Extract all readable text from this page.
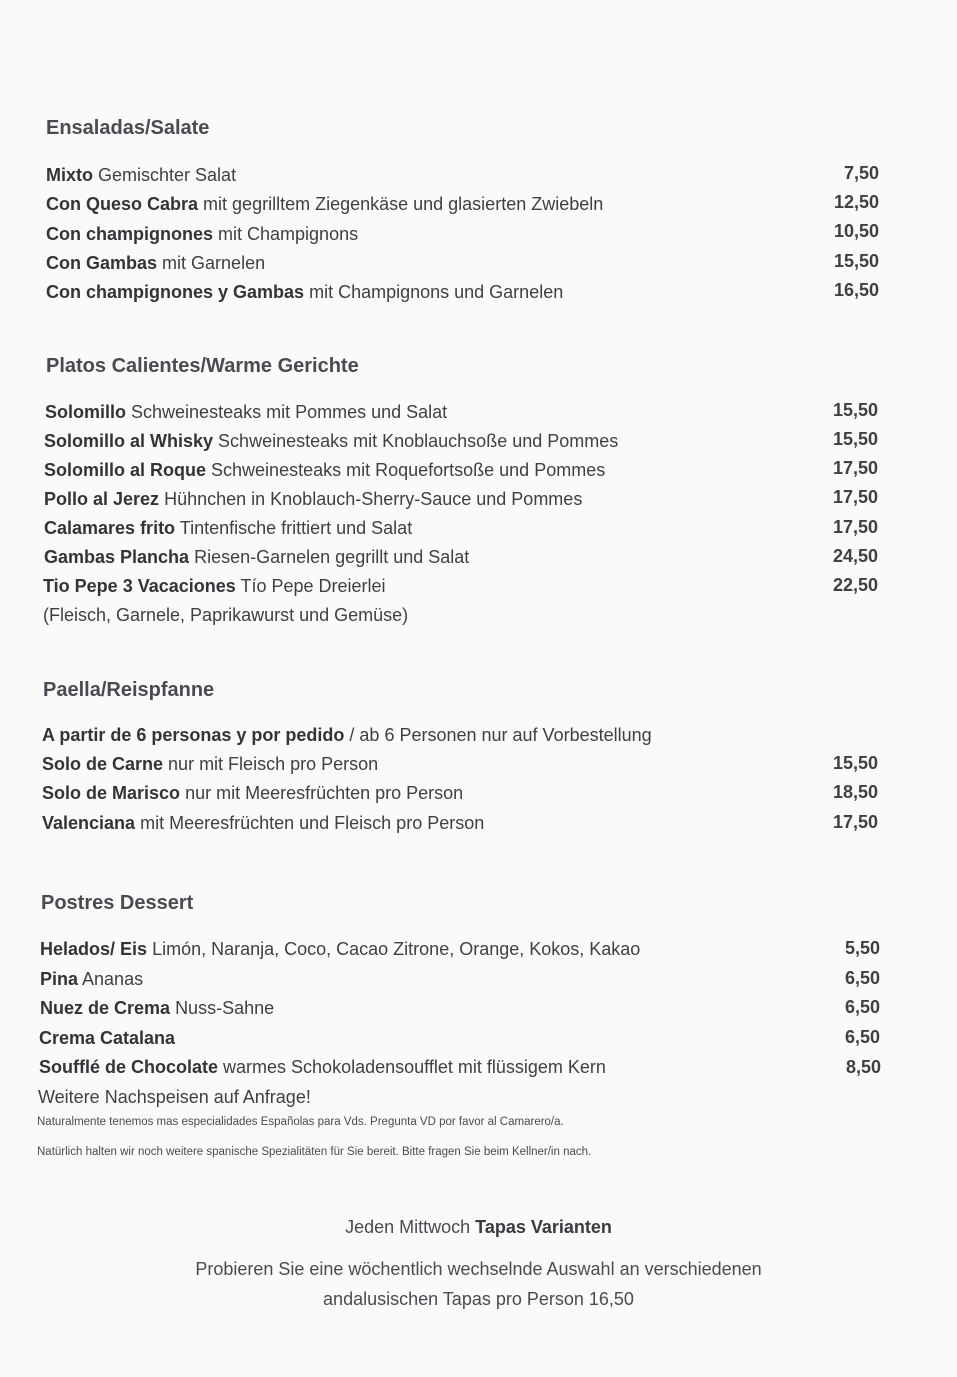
Ensaladas/Salate
Mixto Gemischter Salat	7,50
Con Queso Cabra mit gegrilltem Ziegenkäse und glasierten Zwiebeln	12,50
Con champignones mit Champignons	10,50
Con Gambas mit Garnelen	15,50
Con champignones y Gambas mit Champignons und Garnelen	16,50
Platos Calientes/Warme Gerichte
Solomillo Schweinesteaks mit Pommes und Salat	15,50
Solomillo al Whisky Schweinesteaks mit Knoblauchsoße und Pommes	15,50
Solomillo al Roque Schweinesteaks mit Roquefortsoße und Pommes	17,50
Pollo al Jerez Hühnchen in Knoblauch-Sherry-Sauce und Pommes	17,50
Calamares frito Tintenfische frittiert und Salat	17,50
Gambas Plancha Riesen-Garnelen gegrillt und Salat	24,50
Tio Pepe 3 Vacaciones Tío Pepe Dreierlei	22,50
(Fleisch, Garnele, Paprikawurst und Gemüse)
Paella/Reispfanne
A partir de 6 personas y por pedido / ab 6 Personen nur auf Vorbestellung
Solo de Carne nur mit Fleisch pro Person	15,50
Solo de Marisco nur mit Meeresfrüchten pro Person	18,50
Valenciana mit Meeresfrüchten und Fleisch pro Person	17,50
Postres Dessert
Helados/ Eis Limón, Naranja, Coco, Cacao Zitrone, Orange, Kokos, Kakao	5,50
Pina Ananas	6,50
Nuez de Crema Nuss-Sahne	6,50
Crema Catalana	6,50
Soufflé de Chocolate warmes Schokoladensoufflet mit flüssigem Kern	8,50
Weitere Nachspeisen auf Anfrage!
Naturalmente tenemos mas especialidades Españolas para Vds. Pregunta VD por favor al Camarero/a.
Natürlich halten wir noch weitere spanische Spezialitäten für Sie bereit. Bitte fragen Sie beim Kellner/in nach.
Jeden Mittwoch Tapas Varianten
Probieren Sie eine wöchentlich wechselnde Auswahl an verschiedenen
andalusischen Tapas pro Person 16,50
